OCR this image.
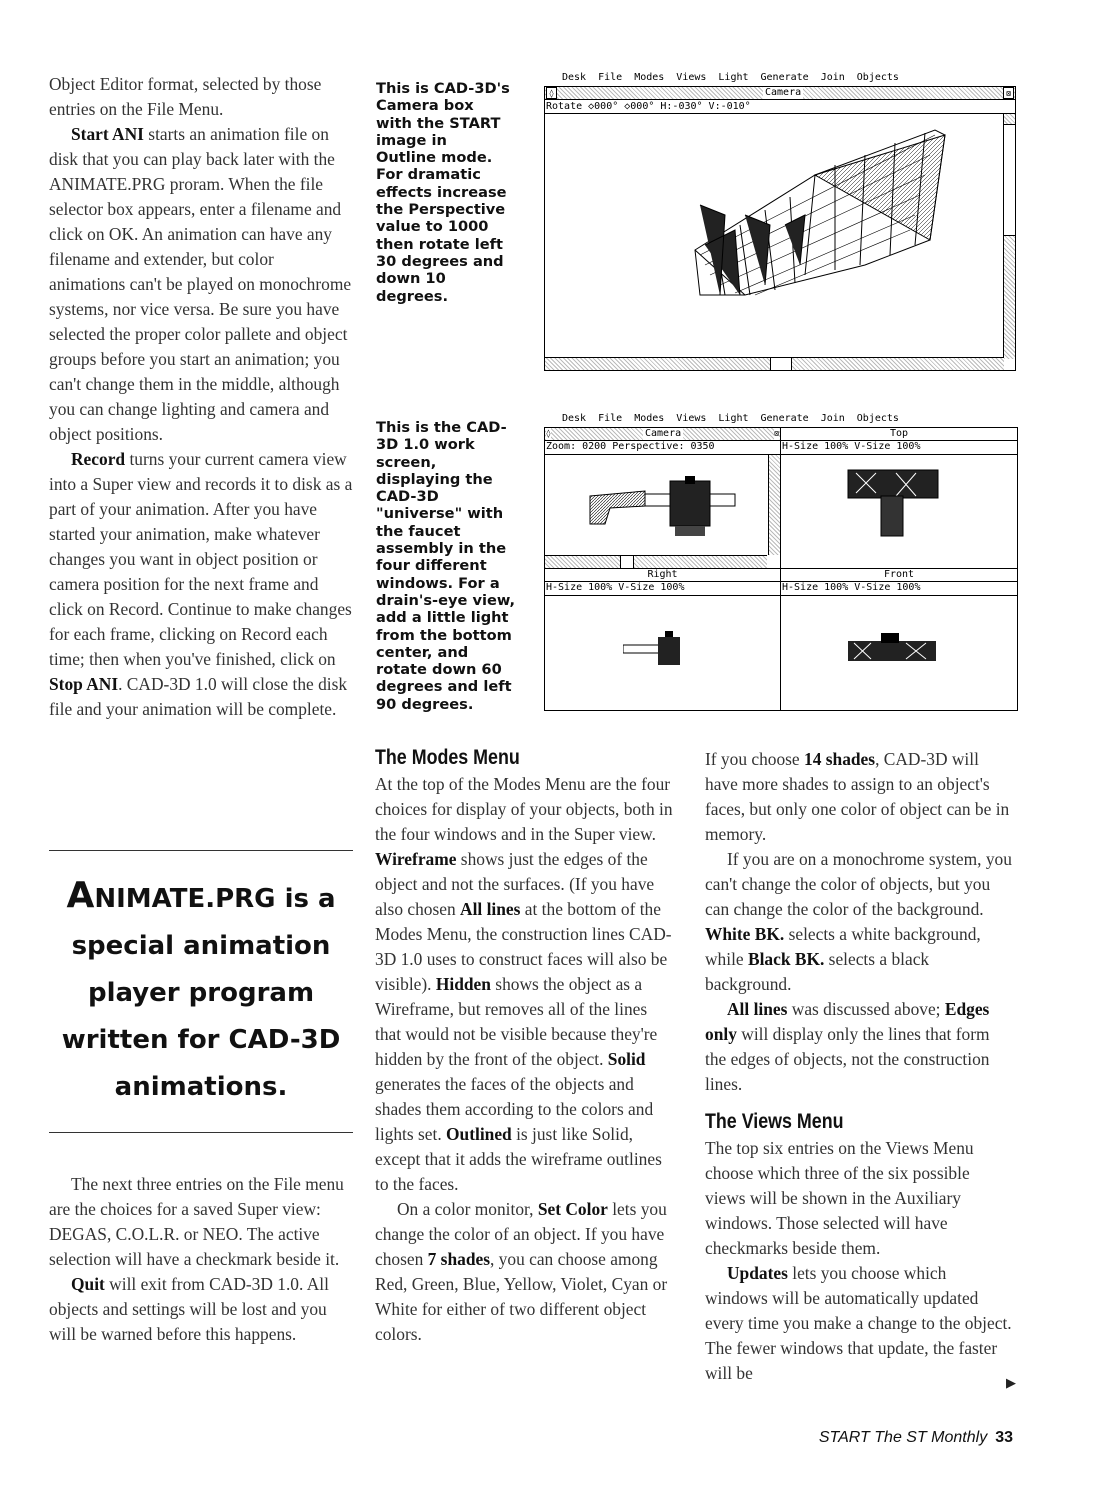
Object Editor format, selected by those entries on the File Menu.

Start ANI starts an animation file on disk that you can play back later with the ANIMATE.PRG proram. When the file selector box appears, enter a filename and click on OK. An animation can have any filename and extender, but color animations can't be played on monochrome systems, nor vice versa. Be sure you have selected the proper color pallete and object groups before you start an animation; you can't change them in the middle, although you can change lighting and camera and object positions.

Record turns your current camera view into a Super view and records it to disk as a part of your animation. After you have started your animation, make whatever changes you want in object position or camera position for the next frame and click on Record. Continue to make changes for each frame, clicking on Record each time; then when you've finished, click on Stop ANI. CAD-3D 1.0 will close the disk file and your animation will be complete.

ANIMATE.PRG is a
special animation
player program
written for CAD-3D
animations.

The next three entries on the File menu are the choices for a saved Super view: DEGAS, C.O.L.R. or NEO. The active selection will have a checkmark beside it.

Quit will exit from CAD-3D 1.0. All objects and settings will be lost and you will be warned before this happens.

This is CAD-3D's Camera box with the START image in Outline mode. For dramatic effects increase the Perspective value to 1000 then rotate left 30 degrees and down 10 degrees.
This is the CAD-3D 1.0 work screen, displaying the CAD-3D "universe" with the faucet assembly in the four different windows. For a drain's-eye view, add a little light from the bottom center, and rotate down 60 degrees and left 90 degrees.
Desk File Modes Views Light Generate Join Objects
◊	Camera	⊠
Rotate ◇000° ◇000° H:-030° V:-010°
Desk File Modes Views Light Generate Join Objects
◊	Camera	⊠
Zoom: 0200 Perspective: 0350
Top
H-Size 100% V-Size 100%
Right
H-Size 100% V-Size 100%
Front
H-Size 100% V-Size 100%
The Modes Menu

At the top of the Modes Menu are the four choices for display of your objects, both in the four windows and in the Super view. Wireframe shows just the edges of the object and not the surfaces. (If you have also chosen All lines at the bottom of the Modes Menu, the construction lines CAD-3D 1.0 uses to construct faces will also be visible). Hidden shows the object as a Wireframe, but removes all of the lines that would not be visible because they're hidden by the front of the object. Solid generates the faces of the objects and shades them according to the colors and lights set. Outlined is just like Solid, except that it adds the wireframe outlines to the faces.

On a color monitor, Set Color lets you change the color of an object. If you have chosen 7 shades, you can choose among Red, Green, Blue, Yellow, Violet, Cyan or White for either of two different object colors.

If you choose 14 shades, CAD-3D will have more shades to assign to an object's faces, but only one color of object can be in memory.

If you are on a monochrome system, you can't change the color of objects, but you can change the color of the background. White BK. selects a white background, while Black BK. selects a black background.

All lines was discussed above; Edges only will display only the lines that form the edges of objects, not the construction lines.

The Views Menu

The top six entries on the Views Menu choose which three of the six possible views will be shown in the Auxiliary windows. Those selected will have checkmarks beside them.

Updates lets you choose which windows will be automatically updated every time you make a change to the object. The fewer windows that update, the faster will be

▶
START The ST Monthly 33
